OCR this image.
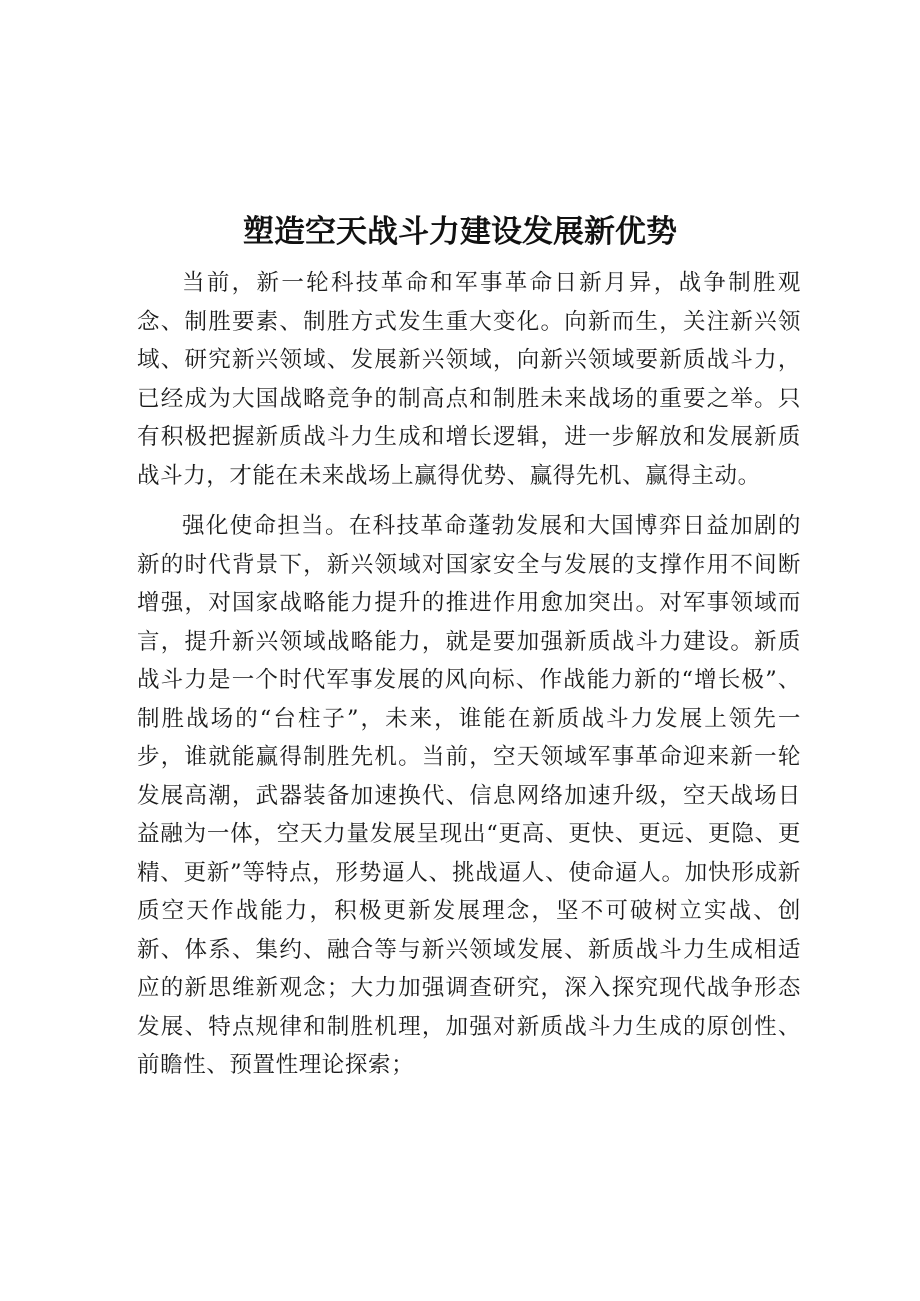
塑造空天战斗力建设发展新优势

当前，新一轮科技革命和军事革命日新月异，战争制胜观念、制胜要素、制胜方式发生重大变化。向新而生，关注新兴领域、研究新兴领域、发展新兴领域，向新兴领域要新质战斗力，已经成为大国战略竞争的制高点和制胜未来战场的重要之举。只有积极把握新质战斗力生成和增长逻辑，进一步解放和发展新质战斗力，才能在未来战场上赢得优势、赢得先机、赢得主动。

强化使命担当。在科技革命蓬勃发展和大国博弈日益加剧的新的时代背景下，新兴领域对国家安全与发展的支撑作用不间断增强，对国家战略能力提升的推进作用愈加突出。对军事领域而言，提升新兴领域战略能力，就是要加强新质战斗力建设。新质战斗力是一个时代军事发展的风向标、作战能力新的“增长极”、制胜战场的“台柱子”，未来，谁能在新质战斗力发展上领先一步，谁就能赢得制胜先机。当前，空天领域军事革命迎来新一轮发展高潮，武器装备加速换代、信息网络加速升级，空天战场日益融为一体，空天力量发展呈现出“更高、更快、更远、更隐、更精、更新”等特点，形势逼人、挑战逼人、使命逼人。加快形成新质空天作战能力，积极更新发展理念，坚不可破树立实战、创新、体系、集约、融合等与新兴领域发展、新质战斗力生成相适应的新思维新观念；大力加强调查研究，深入探究现代战争形态发展、特点规律和制胜机理，加强对新质战斗力生成的原创性、前瞻性、预置性理论探索；
